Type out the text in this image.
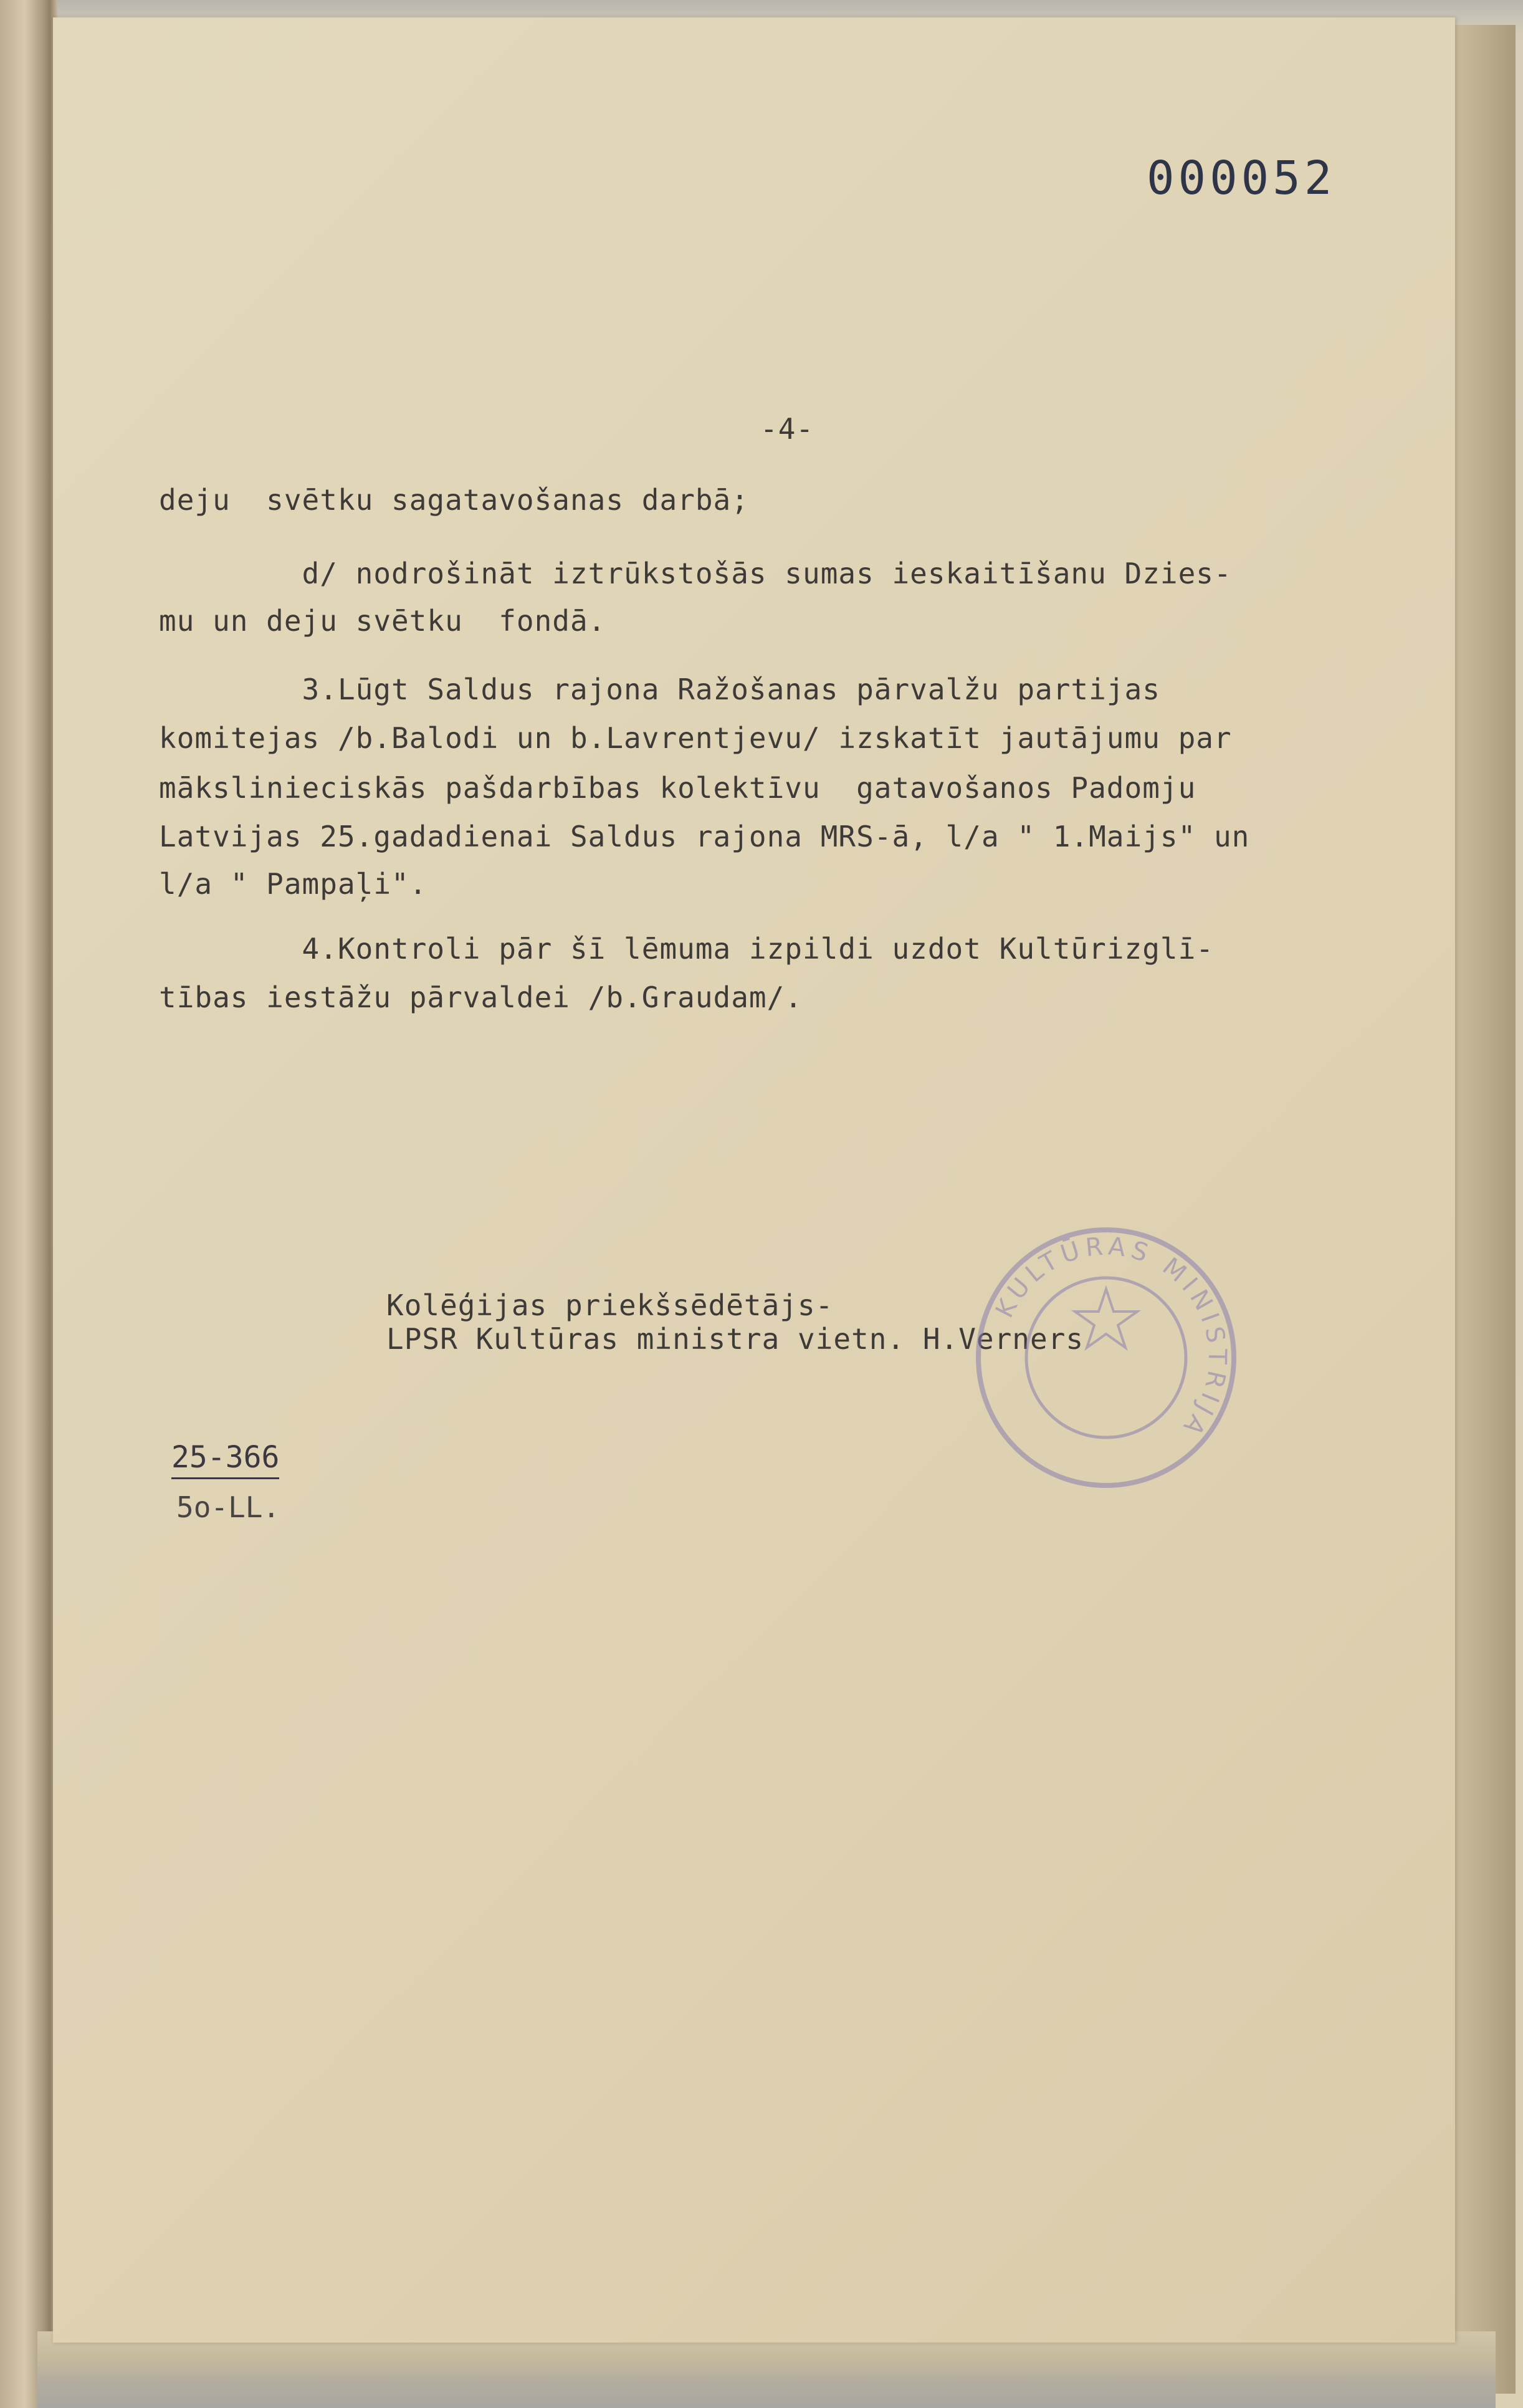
000052

-4-

deju  svētku sagatavošanas darbā;

d/ nodrošināt iztrūkstošās sumas ieskaitīšanu Dzies-

mu un deju svētku  fondā.

3.Lūgt Saldus rajona Ražošanas pārvalžu partijas

komitejas /b.Balodi un b.Lavrentjevu/ izskatīt jautājumu par

mākslinieciskās pašdarbības kolektīvu  gatavošanos Padomju

Latvijas 25.gadadienai Saldus rajona MRS-ā, l/a " 1.Maijs" un

l/a " Pampaļi".

4.Kontroli pār šī lēmuma izpildi uzdot Kultūrizglī-

tības iestāžu pārvaldei /b.Graudam/.

Kolēģijas priekšsēdētājs-

LPSR Kultūras ministra vietn. H.Verners

25-366

5o-LL.

KULTŪRAS MINISTRIJA
